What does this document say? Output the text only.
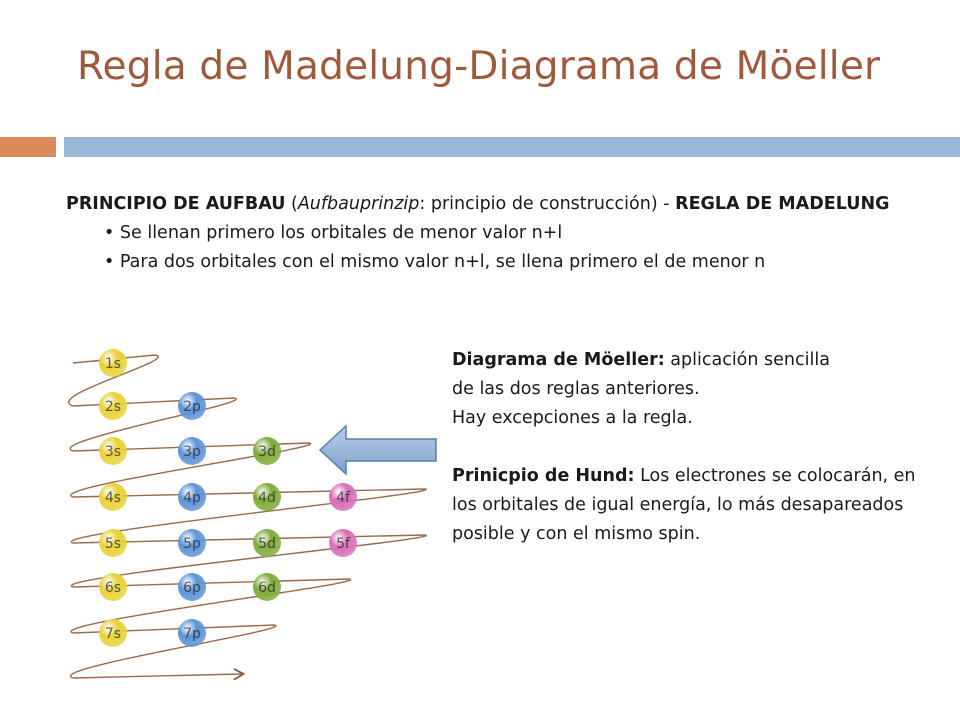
Regla de Madelung-Diagrama de Möeller

PRINCIPIO DE AUFBAU (Aufbauprinzip: principio de construcción) - REGLA DE MADELUNG

• Se llenan primero los orbitales de menor valor n+l
• Para dos orbitales con el mismo valor n+l, se llena primero el de menor n
1s
2s	2p
3s	3p	3d
4s	4p	4d	4f
5s	5p	5d	5f
6s	6p	6d
7s	7p

Diagrama de Möeller: aplicación sencilla

de las dos reglas anteriores.

Hay excepciones a la regla.

Prinicpio de Hund: Los electrones se colocarán, en los orbitales de igual energía, lo más desapareados posible y con el mismo spin.
